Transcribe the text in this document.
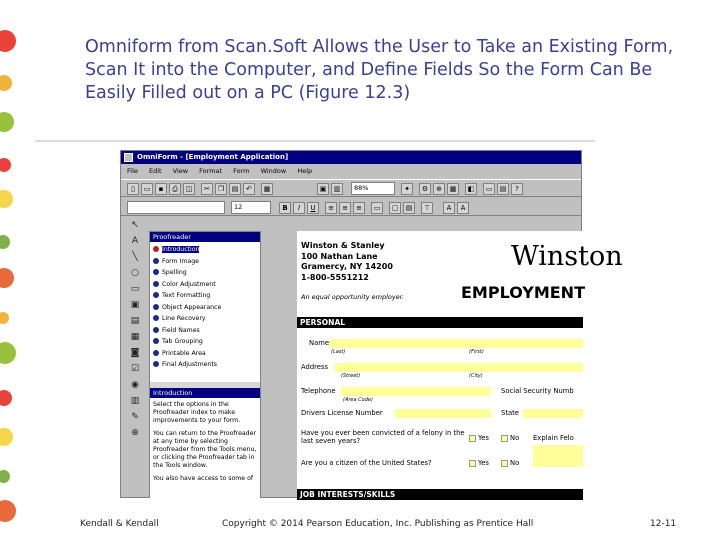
Omniform from Scan.Soft Allows the User to Take an Existing Form, Scan It into the Computer, and Define Fields So the Form Can Be Easily Filled out on a PC (Figure 12.3)
OmniForm - [Employment Application]
File Edit View Format Form Window Help
▯	▭	▪	⎙	◫	✂	❐	▤	↶	▦	▣	▥	88%	✦	⚙	⊕	▦	◧	▭	▤	?
12	B	I	U	≡	≡	≡	▭	▢	▤	⊤	A	A
↖
A
╲
○
▭
▣
▤
▦
◙
☑
◉
▥
✎
⊕
Proofreader
Introduction
Form Image
Spelling
Color Adjustment
Text Formatting
Object Appearance
Line Recovery
Field Names
Tab Grouping
Printable Area
Final Adjustments
Introduction

Select the options in the Proofreader index to make improvements to your form.

You can return to the Proofreader at any time by selecting Proofreader from the Tools menu, or clicking the Proofreader tab in the Tools window.

You also have access to some of

Winston & Stanley
100 Nathan Lane
Gramercy, NY 14200
1-800-5551212
An equal opportunity employer.
Winston
EMPLOYMENT
PERSONAL
Name
(Last)	(First)
Address
(Street)	(City)
Telephone
(Area Code)
Social Security Numb
Drivers License Number	State
Have you ever been convicted of a felony in the last seven years?	Yes	No Explain Felo
Are you a citizen of the United States?	Yes	No
JOB INTERESTS/SKILLS
Kendall & Kendall	Copyright © 2014 Pearson Education, Inc. Publishing as Prentice Hall	12-11
